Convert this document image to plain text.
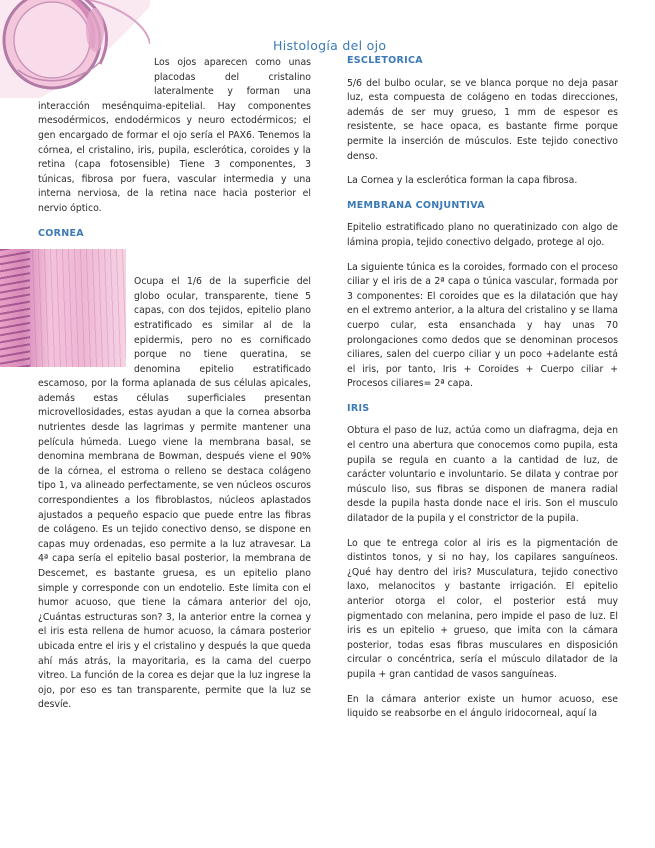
Histología del ojo

Los ojos aparecen como unas placodas del cristalino lateralmente y forman una interacción mesénquima-epitelial. Hay componentes mesodérmicos, endodérmicos y neuro ectodérmicos; el gen encargado de formar el ojo sería el PAX6. Tenemos la córnea, el cristalino, iris, pupila, esclerótica, coroides y la retina (capa fotosensible) Tiene 3 componentes, 3 túnicas, fibrosa por fuera, vascular intermedia y una interna nerviosa, de la retina nace hacia posterior el nervio óptico.

CORNEA

Ocupa el 1/6 de la superficie del globo ocular, transparente, tiene 5 capas, con dos tejidos, epitelio plano estratificado es similar al de la epidermis, pero no es cornificado porque no tiene queratina, se denomina epitelio estratificado escamoso, por la forma aplanada de sus células apicales, además estas células superficiales presentan microvellosidades, estas ayudan a que la cornea absorba nutrientes desde las lagrimas y permite mantener una película húmeda. Luego viene la membrana basal, se denomina membrana de Bowman, después viene el 90% de la córnea, el estroma o relleno se destaca colágeno tipo 1, va alineado perfectamente, se ven núcleos oscuros correspondientes a los fibroblastos, núcleos aplastados ajustados a pequeño espacio que puede entre las fibras de colágeno. Es un tejido conectivo denso, se dispone en capas muy ordenadas, eso permite a la luz atravesar. La 4ª capa sería el epitelio basal posterior, la membrana de Descemet, es bastante gruesa, es un epitelio plano simple y corresponde con un endotelio. Este limita con el humor acuoso, que tiene la cámara anterior del ojo, ¿Cuántas estructuras son? 3, la anterior entre la cornea y el iris esta rellena de humor acuoso, la cámara posterior ubicada entre el iris y el cristalino y después la que queda ahí más atrás, la mayoritaria, es la cama del cuerpo vitreo. La función de la corea es dejar que la luz ingrese la ojo, por eso es tan transparente, permite que la luz se desvíe.

ESCLETORICA

5/6 del bulbo ocular, se ve blanca porque no deja pasar luz, esta compuesta de colágeno en todas direcciones, además de ser muy grueso, 1 mm de espesor es resistente, se hace opaca, es bastante firme porque permite la inserción de músculos. Este tejido conectivo denso.

La Cornea y la esclerótica forman la capa fibrosa.

MEMBRANA CONJUNTIVA

Epitelio estratificado plano no queratinizado con algo de lámina propia, tejido conectivo delgado, protege al ojo.

La siguiente túnica es la coroides, formado con el proceso ciliar y el iris de a 2ª capa o túnica vascular, formada por 3 componentes: El coroides que es la dilatación que hay en el extremo anterior, a la altura del cristalino y se llama cuerpo cular, esta ensanchada y hay unas 70 prolongaciones como dedos que se denominan procesos ciliares, salen del cuerpo ciliar y un poco +adelante está el iris, por tanto, Iris + Coroides + Cuerpo ciliar + Procesos ciliares= 2ª capa.

IRIS

Obtura el paso de luz, actúa como un diafragma, deja en el centro una abertura que conocemos como pupila, esta pupila se regula en cuanto a la cantidad de luz, de carácter voluntario e involuntario. Se dilata y contrae por músculo liso, sus fibras se disponen de manera radial desde la pupila hasta donde nace el iris. Son el musculo dilatador de la pupila y el constrictor de la pupila.

Lo que te entrega color al iris es la pigmentación de distintos tonos, y si no hay, los capilares sanguíneos. ¿Qué hay dentro del iris? Musculatura, tejido conectivo laxo, melanocitos y bastante irrigación. El epitelio anterior otorga el color, el posterior está muy pigmentado con melanina, pero impide el paso de luz. El iris es un epitelio + grueso, que imita con la cámara posterior, todas esas fibras musculares en disposición circular o concéntrica, sería el músculo dilatador de la pupila + gran cantidad de vasos sanguíneas.

En la cámara anterior existe un humor acuoso, ese liquido se reabsorbe en el ángulo iridocorneal, aquí la
